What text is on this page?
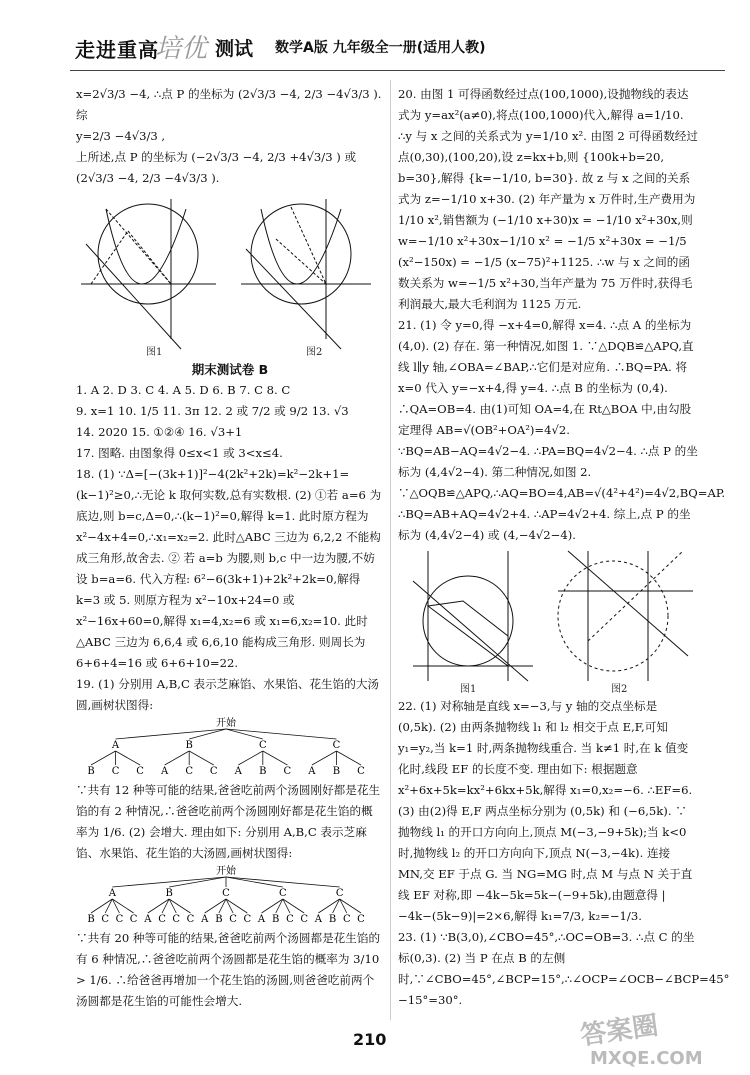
走进重高
培优 测试 数学A版 九年级全一册(适用人教)

x=2√3/3 −4, ∴点 P 的坐标为 (2√3/3 −4, 2/3 −4√3/3 ). 综

y=2/3 −4√3/3 ,

上所述,点 P 的坐标为 (−2√3/3 −4, 2/3 +4√3/3 ) 或

(2√3/3 −4, 2/3 −4√3/3 ).

图1	图2

期末测试卷 B

1. A 2. D 3. C 4. A 5. D 6. B 7. C 8. C

9. x=1 10. 1/5 11. 3π 12. 2 或 7/2 或 9/2 13. √3

14. 2020 15. ①②④ 16. √3+1

17. 图略. 由图象得 0≤x<1 或 3<x≤4.

18. (1) ∵Δ=[−(3k+1)]²−4(2k²+2k)=k²−2k+1=(k−1)²≥0,∴无论 k 取何实数,总有实数根. (2) ①若 a=6 为底边,则 b=c,Δ=0,∴(k−1)²=0,解得 k=1. 此时原方程为 x²−4x+4=0,∴x₁=x₂=2. 此时△ABC 三边为 6,2,2 不能构成三角形,故舍去. ② 若 a=b 为腰,则 b,c 中一边为腰,不妨设 b=a=6. 代入方程: 6²−6(3k+1)+2k²+2k=0,解得 k=3 或 5. 则原方程为 x²−10x+24=0 或 x²−16x+60=0,解得 x₁=4,x₂=6 或 x₁=6,x₂=10. 此时△ABC 三边为 6,6,4 或 6,6,10 能构成三角形. 则周长为 6+6+4=16 或 6+6+10=22.

19. (1) 分别用 A,B,C 表示芝麻馅、水果馅、花生馅的大汤圆,画树状图得:

开始
A
B C C
B
A C C
C
A B C
C
A B C

∵共有 12 种等可能的结果,爸爸吃前两个汤圆刚好都是花生馅的有 2 种情况,∴爸爸吃前两个汤圆刚好都是花生馅的概率为 1/6. (2) 会增大. 理由如下: 分别用 A,B,C 表示芝麻馅、水果馅、花生馅的大汤圆,画树状图得:

开始
A
B C C C
B
A C C C
C
A B C C
C
A B C C
C
A B C C

∵共有 20 种等可能的结果,爸爸吃前两个汤圆都是花生馅的有 6 种情况,∴爸爸吃前两个汤圆都是花生馅的概率为 3/10 > 1/6. ∴给爸爸再增加一个花生馅的汤圆,则爸爸吃前两个汤圆都是花生馅的可能性会增大.

20. 由图 1 可得函数经过点(100,1000),设抛物线的表达式为 y=ax²(a≠0),将点(100,1000)代入,解得 a=1/10. ∴y 与 x 之间的关系式为 y=1/10 x². 由图 2 可得函数经过点(0,30),(100,20),设 z=kx+b,则 {100k+b=20, b=30},解得 {k=−1/10, b=30}. 故 z 与 x 之间的关系式为 z=−1/10 x+30. (2) 年产量为 x 万件时,生产费用为 1/10 x²,销售额为 (−1/10 x+30)x = −1/10 x²+30x,则 w=−1/10 x²+30x−1/10 x² = −1/5 x²+30x = −1/5 (x²−150x) = −1/5 (x−75)²+1125. ∴w 与 x 之间的函数关系为 w=−1/5 x²+30,当年产量为 75 万件时,获得毛利润最大,最大毛利润为 1125 万元.

21. (1) 令 y=0,得 −x+4=0,解得 x=4. ∴点 A 的坐标为 (4,0). (2) 存在. 第一种情况,如图 1. ∵△DQB≌△APQ,直线 l∥y 轴,∠OBA=∠BAP,∴它们是对应角. ∴BQ=PA. 将 x=0 代入 y=−x+4,得 y=4. ∴点 B 的坐标为 (0,4). ∴QA=OB=4. 由(1)可知 OA=4,在 Rt△BOA 中,由勾股定理得 AB=√(OB²+OA²)=4√2. ∵BQ=AB−AQ=4√2−4. ∴PA=BQ=4√2−4. ∴点 P 的坐标为 (4,4√2−4). 第二种情况,如图 2. ∵△OQB≌△APQ,∴AQ=BO=4,AB=√(4²+4²)=4√2,BQ=AP. ∴BQ=AB+AQ=4√2+4. ∴AP=4√2+4. 综上,点 P 的坐标为 (4,4√2−4) 或 (4,−4√2−4).

图1	图2

22. (1) 对称轴是直线 x=−3,与 y 轴的交点坐标是 (0,5k). (2) 由两条抛物线 l₁ 和 l₂ 相交于点 E,F,可知 y₁=y₂,当 k=1 时,两条抛物线重合. 当 k≠1 时,在 k 值变化时,线段 EF 的长度不变. 理由如下: 根据题意 x²+6x+5k=kx²+6kx+5k,解得 x₁=0,x₂=−6. ∴EF=6. (3) 由(2)得 E,F 两点坐标分别为 (0,5k) 和 (−6,5k). ∵抛物线 l₁ 的开口方向向上,顶点 M(−3,−9+5k);当 k<0 时,抛物线 l₂ 的开口方向向下,顶点 N(−3,−4k). 连接 MN,交 EF 于点 G. 当 NG=MG 时,点 M 与点 N 关于直线 EF 对称,即 −4k−5k=5k−(−9+5k),由题意得 |−4k−(5k−9)|=2×6,解得 k₁=7/3, k₂=−1/3.

23. (1) ∵B(3,0),∠CBO=45°,∴OC=OB=3. ∴点 C 的坐标(0,3). (2) 当 P 在点 B 的左侧时,∵∠CBO=45°,∠BCP=15°,∴∠OCP=∠OCB−∠BCP=45°−15°=30°.

210	答案圈
MXQE.COM
